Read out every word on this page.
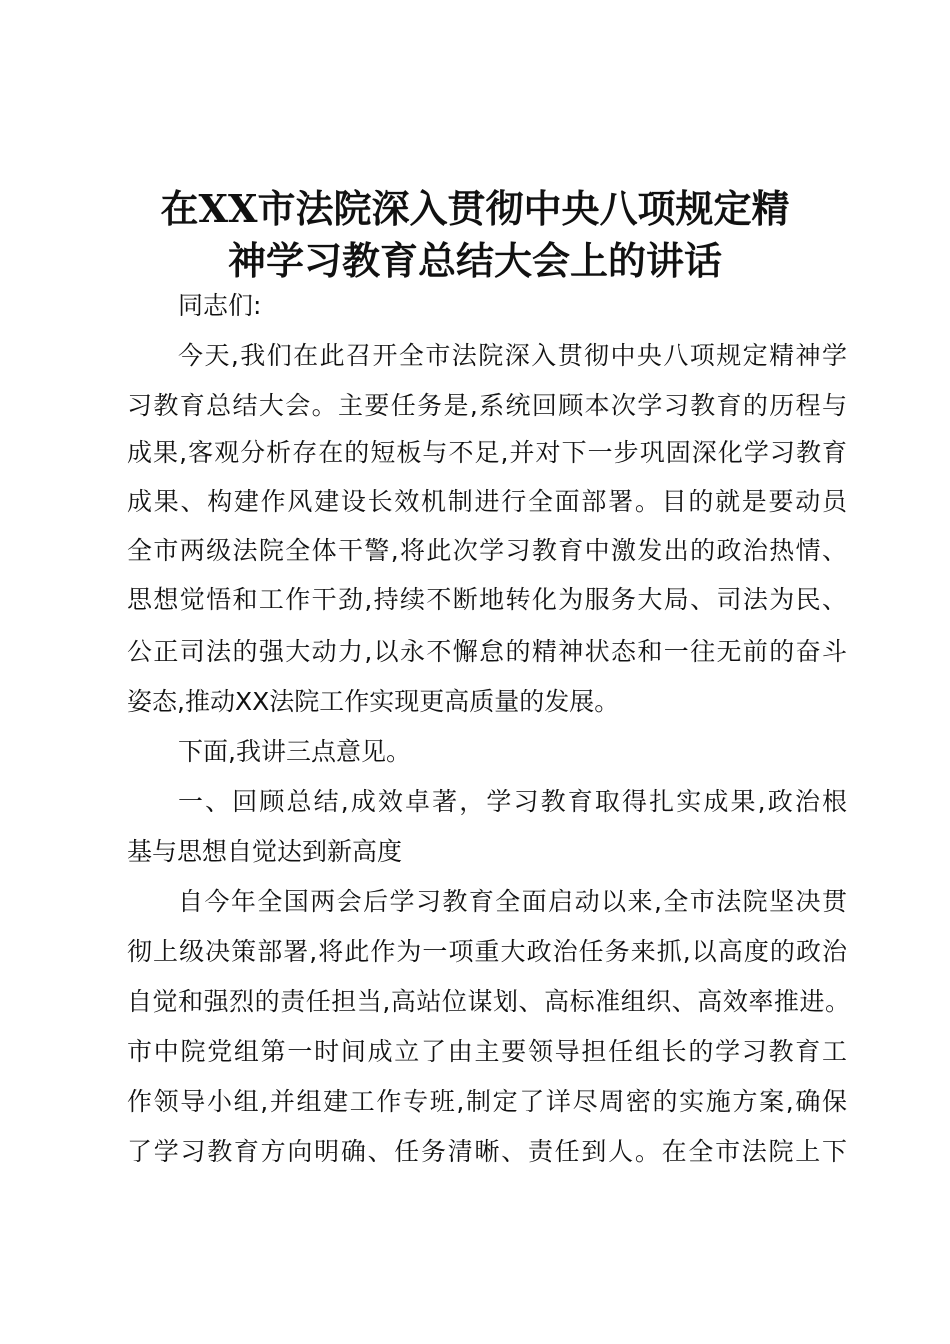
在XX市法院深入贯彻中央八项规定精
神学习教育总结大会上的讲话
同志们:
今天,我们在此召开全市法院深入贯彻中央八项规定精神学
习教育总结大会。主要任务是,系统回顾本次学习教育的历程与
成果,客观分析存在的短板与不足,并对下一步巩固深化学习教育
成果、构建作风建设长效机制进行全面部署。目的就是要动员
全市两级法院全体干警,将此次学习教育中激发出的政治热情、
思想觉悟和工作干劲,持续不断地转化为服务大局、司法为民、
公正司法的强大动力,以永不懈怠的精神状态和一往无前的奋斗
姿态,推动XX法院工作实现更高质量的发展。
下面,我讲三点意见。
一、回顾总结,成效卓著，学习教育取得扎实成果,政治根
基与思想自觉达到新高度
自今年全国两会后学习教育全面启动以来,全市法院坚决贯
彻上级决策部署,将此作为一项重大政治任务来抓,以高度的政治
自觉和强烈的责任担当,高站位谋划、高标准组织、高效率推进。
市中院党组第一时间成立了由主要领导担任组长的学习教育工
作领导小组,并组建工作专班,制定了详尽周密的实施方案,确保
了学习教育方向明确、任务清晰、责任到人。在全市法院上下
